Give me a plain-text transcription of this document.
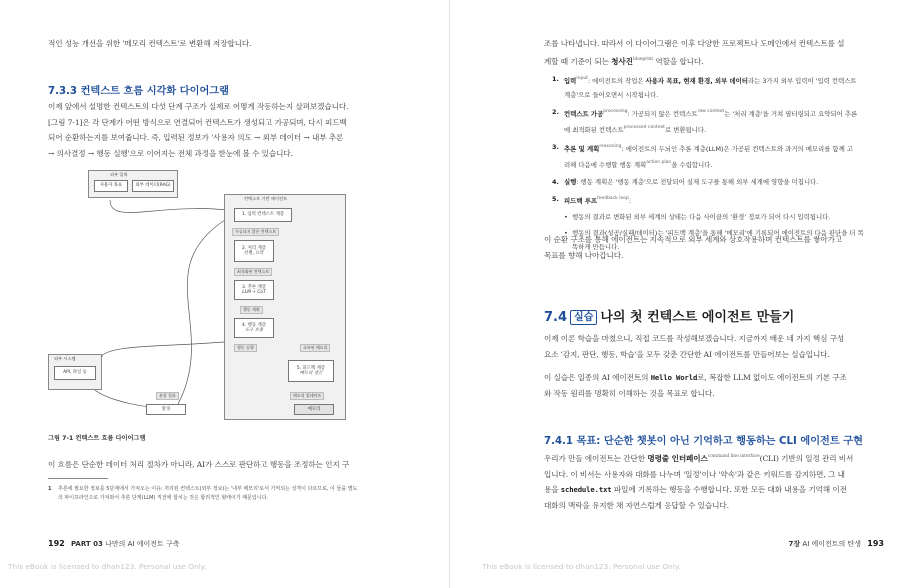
적인 성능 개선을 위한 '메모리 컨텍스트'로 변환해 저장합니다.
7.3.3 컨텍스트 흐름 시각화 다이어그램
이제 앞에서 설명한 컨텍스트의 다섯 단계 구조가 실제로 어떻게 작동하는지 살펴보겠습니다.
[그림 7-1]은 각 단계가 어떤 방식으로 연결되어 컨텍스트가 생성되고 가공되며, 다시 피드백
되어 순환하는지를 보여줍니다. 즉, 입력된 정보가 '사용자 의도 → 외부 데이터 → 내부 추론
→ 의사결정 → 행동 실행'으로 이어지는 전체 과정을 한눈에 볼 수 있습니다.
외부 입력
사용자 목표	외부 데이터(RAG)
컨텍스트 기반 에이전트
1. 입력 컨텍스트 계층
가공되지 않은 컨텍스트
2. 처리 계층
선별, 요약
최적화된 컨텍스트
3. 추론 계층
LLM + CoT
행동 계획
4. 행동 계층
도구 호출
행동 실행	초록된 메모리
외부 시스템
API, 파일 등
5. 피드백 계층
메모리 갱신
관찰 결과
환경
메모리 업데이트
메모리
그림 7-1 컨텍스트 흐름 다이어그램
이 흐름은 단순한 데이터 처리 절차가 아니라, AI가 스스로 판단하고 행동을 조정하는 인지 구
1 추론에 필요한 정보를 5단계에서 가져오는 이유: 처리된 컨텍스트(외부 정보)는 '내부 메모리'로서 기억되는 성격이 다르므로, 이 둘을 별도
의 파이프라인으로 가져와서 추론 단계(LLM) 직전에 합치는 것은 합리적인 형태이기 때문입니다.
192 PART 03 나만의 AI 에이전트 구축
This eBook is licensed to dhan123. Personal use Only.
조를 나타냅니다. 따라서 이 다이어그램은 이후 다양한 프로젝트나 도메인에서 컨텍스트를 설
계할 때 기준이 되는 청사진$^{blueprint}$ 역할을 합니다.
1. 입력$^{input}$: 에이전트의 작업은 사용자 목표, 현재 환경, 외부 데이터라는 3가지 외부 입력이 '입력 컨텍스트
계층'으로 들어오면서 시작됩니다.
2. 컨텍스트 가공$^{processing}$: 가공되지 않은 컨텍스트$^{raw context}$는 '처리 계층'을 거쳐 필터링되고 요약되어 추론
에 최적화된 컨텍스트$^{processed context}$로 변환됩니다.
3. 추론 및 계획$^{reasoning}$: 에이전트의 두뇌인 추론 계층(LLM)은 가공된 컨텍스트와 과거의 메모리를 함께 고
려해 다음에 수행할 행동 계획$^{action plan}$을 수립합니다.
4. 실행: 행동 계획은 '행동 계층'으로 전달되어 실제 도구를 통해 외부 세계에 영향을 미칩니다.
5. 피드백 루프$^{feedback loop}$:
• 행동의 결과로 변화된 외부 세계의 상태는 다음 사이클의 '환경' 정보가 되어 다시 입력됩니다.
• 행동의 결과(성공/실패/데이터)는 '피드백 계층'을 통해 '메모리'에 기록되어 에이전트의 다음 판단을 더 똑
똑하게 만듭니다.
이 순환 구조를 통해 에이전트는 지속적으로 외부 세계와 상호작용하며 컨텍스트를 쌓아가고
목표를 향해 나아갑니다.
7.4 실습 나의 첫 컨텍스트 에이전트 만들기
이제 이론 학습을 마쳤으니, 직접 코드를 작성해보겠습니다. 지금까지 배운 네 가지 핵심 구성
요소 '감지, 판단, 행동, 학습'을 모두 갖춘 간단한 AI 에이전트를 만들어보는 실습입니다.
이 실습은 일종의 AI 에이전트의 Hello World로, 복잡한 LLM 없이도 에이전트의 기본 구조
와 작동 원리를 명확히 이해하는 것을 목표로 합니다.
7.4.1 목표: 단순한 챗봇이 아닌 기억하고 행동하는 CLI 에이전트 구현
우리가 만들 에이전트는 간단한 명령줄 인터페이스$^{command line interface}$(CLI) 기반의 일정 관리 비서
입니다. 이 비서는 사용자와 대화를 나누며 '일정'이나 '약속'과 같은 키워드를 감지하면, 그 내
용을 schedule.txt 파일에 기록하는 행동을 수행합니다. 또한 모든 대화 내용을 기억해 이전
대화의 맥락을 유지한 채 자연스럽게 응답할 수 있습니다.
7장 AI 에이전트의 탄생 193
This eBook is licensed to dhan123. Personal use Only.
